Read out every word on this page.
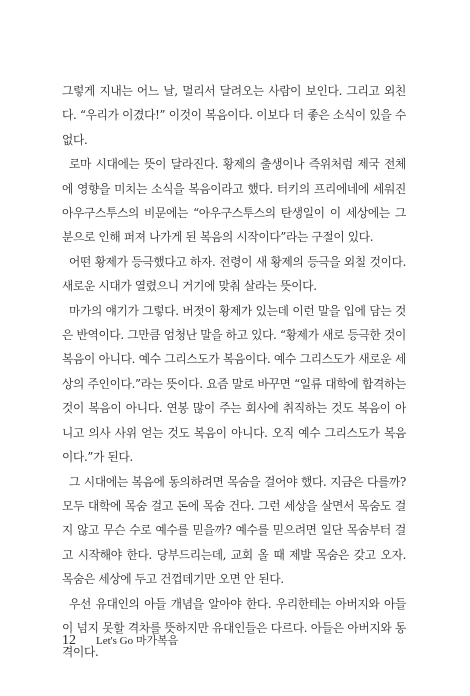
그렇게 지내는 어느 날, 멀리서 달려오는 사람이 보인다. 그리고 외친다. “우리가 이겼다!” 이것이 복음이다. 이보다 더 좋은 소식이 있을 수 없다.

로마 시대에는 뜻이 달라진다. 황제의 출생이나 즉위처럼 제국 전체에 영향을 미치는 소식을 복음이라고 했다. 터키의 프리에네에 세워진 아우구스투스의 비문에는 “아우구스투스의 탄생일이 이 세상에는 그분으로 인해 퍼져 나가게 된 복음의 시작이다”라는 구절이 있다.

어떤 황제가 등극했다고 하자. 전령이 새 황제의 등극을 외칠 것이다. 새로운 시대가 열렸으니 거기에 맞춰 살라는 뜻이다.

마가의 얘기가 그렇다. 버젓이 황제가 있는데 이런 말을 입에 담는 것은 반역이다. 그만큼 엄청난 말을 하고 있다. “황제가 새로 등극한 것이 복음이 아니다. 예수 그리스도가 복음이다. 예수 그리스도가 새로운 세상의 주인이다.”라는 뜻이다. 요즘 말로 바꾸면 “일류 대학에 합격하는 것이 복음이 아니다. 연봉 많이 주는 회사에 취직하는 것도 복음이 아니고 의사 사위 얻는 것도 복음이 아니다. 오직 예수 그리스도가 복음이다.”가 된다.

그 시대에는 복음에 동의하려면 목숨을 걸어야 했다. 지금은 다를까? 모두 대학에 목숨 걸고 돈에 목숨 건다. 그런 세상을 살면서 목숨도 걸지 않고 무슨 수로 예수를 믿을까? 예수를 믿으려면 일단 목숨부터 걸고 시작해야 한다. 당부드리는데, 교회 올 때 제발 목숨은 갖고 오자. 목숨은 세상에 두고 건껍데기만 오면 안 된다.

우선 유대인의 아들 개념을 알아야 한다. 우리한테는 아버지와 아들이 넘지 못할 격차를 뜻하지만 유대인들은 다르다. 아들은 아버지와 동격이다.

12 Let's Go 마가복음
